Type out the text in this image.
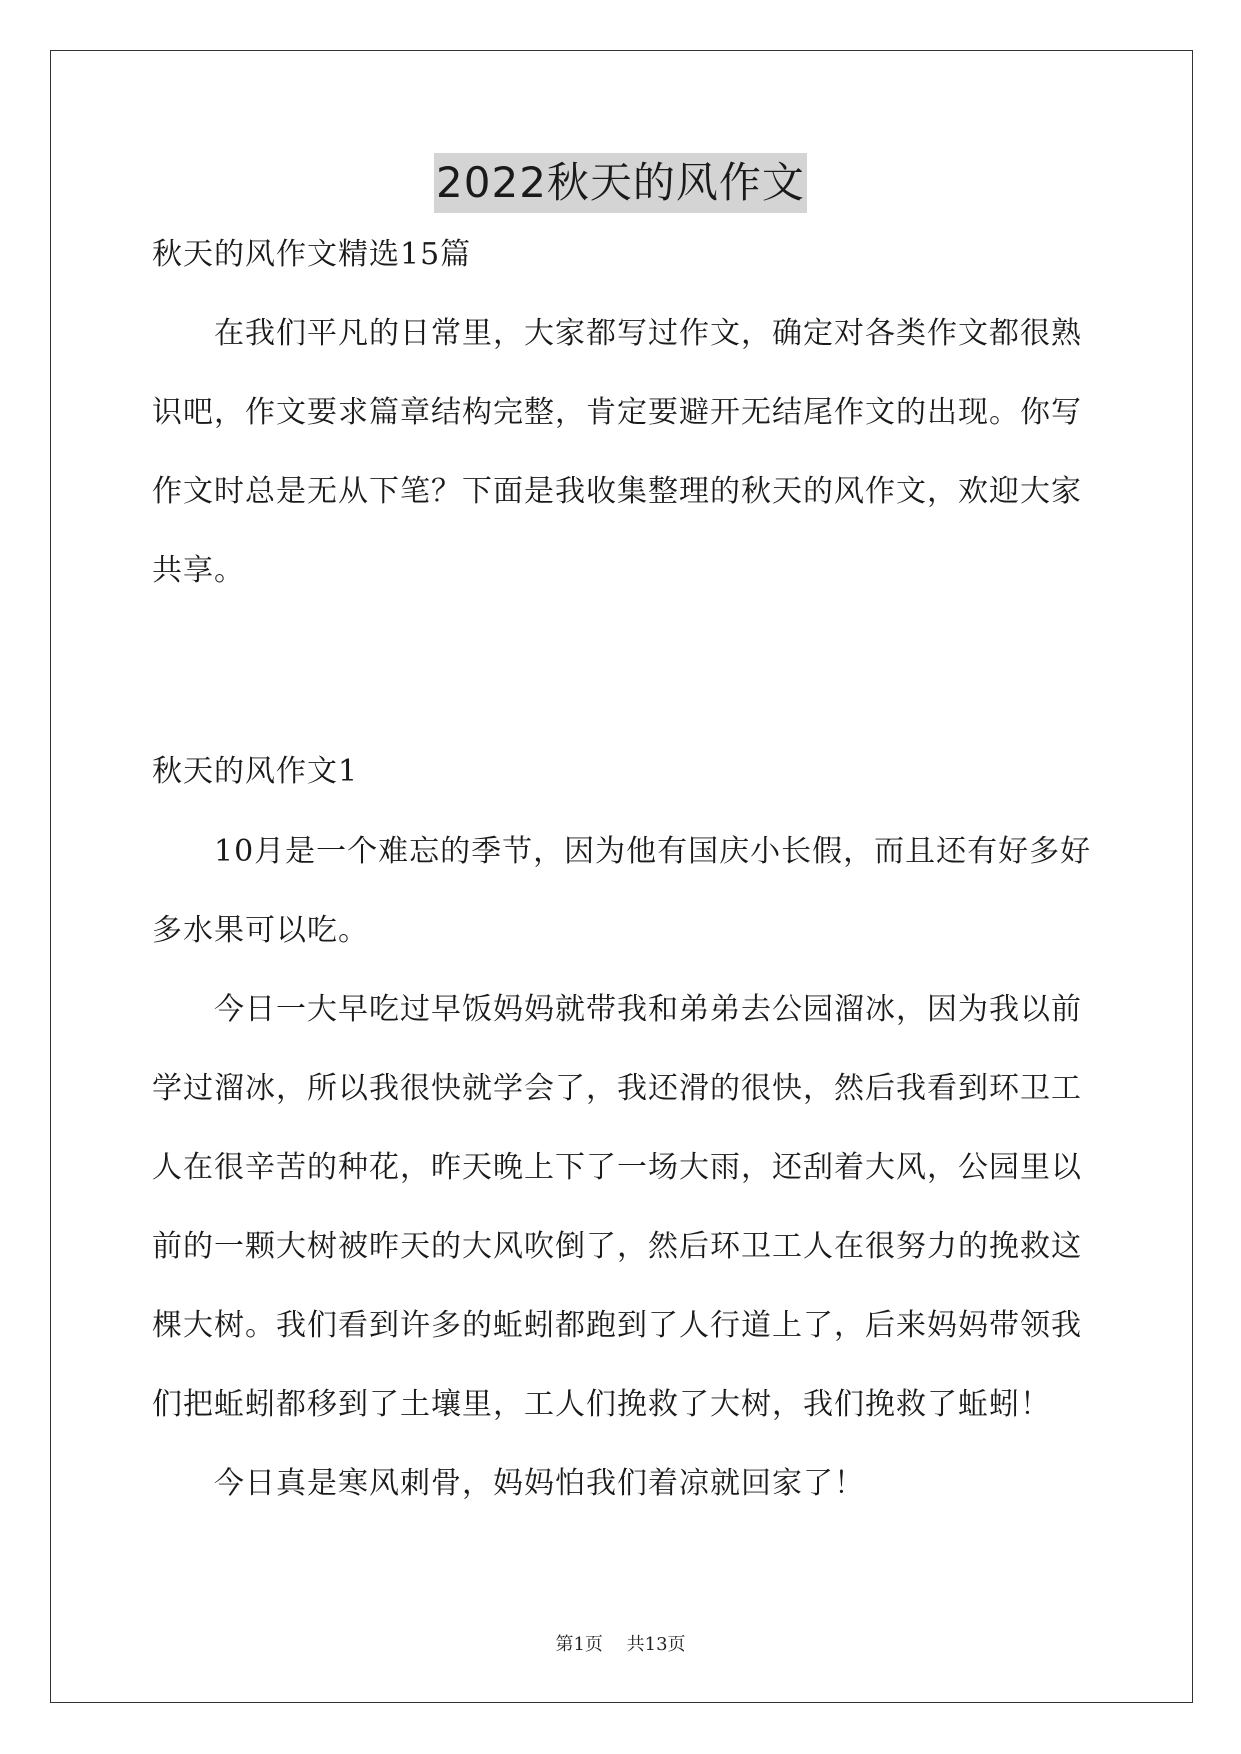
2022秋天的风作文

秋天的风作文精选15篇

在我们平凡的日常里，大家都写过作文，确定对各类作文都很熟识吧，作文要求篇章结构完整，肯定要避开无结尾作文的出现。你写作文时总是无从下笔？下面是我收集整理的秋天的风作文，欢迎大家共享。

秋天的风作文1

10月是一个难忘的季节，因为他有国庆小长假，而且还有好多好多水果可以吃。

今日一大早吃过早饭妈妈就带我和弟弟去公园溜冰，因为我以前学过溜冰，所以我很快就学会了，我还滑的很快，然后我看到环卫工人在很辛苦的种花，昨天晚上下了一场大雨，还刮着大风，公园里以前的一颗大树被昨天的大风吹倒了，然后环卫工人在很努力的挽救这棵大树。我们看到许多的蚯蚓都跑到了人行道上了，后来妈妈带领我们把蚯蚓都移到了土壤里，工人们挽救了大树，我们挽救了蚯蚓！

今日真是寒风刺骨，妈妈怕我们着凉就回家了！

第1页 共13页
